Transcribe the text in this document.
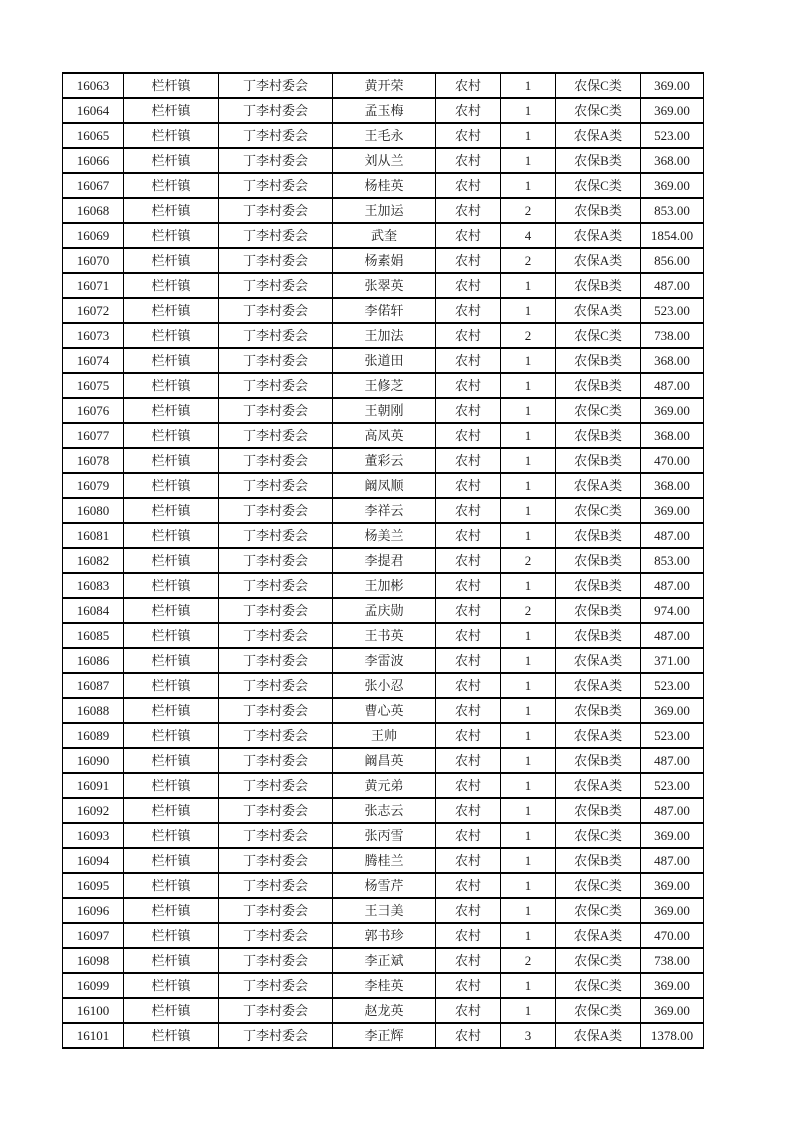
16063	栏杆镇	丁李村委会	黄开荣	农村	1	农保C类	369.00
16064	栏杆镇	丁李村委会	孟玉梅	农村	1	农保C类	369.00
16065	栏杆镇	丁李村委会	王毛永	农村	1	农保A类	523.00
16066	栏杆镇	丁李村委会	刘从兰	农村	1	农保B类	368.00
16067	栏杆镇	丁李村委会	杨桂英	农村	1	农保C类	369.00
16068	栏杆镇	丁李村委会	王加运	农村	2	农保B类	853.00
16069	栏杆镇	丁李村委会	武奎	农村	4	农保A类	1854.00
16070	栏杆镇	丁李村委会	杨素娟	农村	2	农保A类	856.00
16071	栏杆镇	丁李村委会	张翠英	农村	1	农保B类	487.00
16072	栏杆镇	丁李村委会	李偌轩	农村	1	农保A类	523.00
16073	栏杆镇	丁李村委会	王加法	农村	2	农保C类	738.00
16074	栏杆镇	丁李村委会	张道田	农村	1	农保B类	368.00
16075	栏杆镇	丁李村委会	王修芝	农村	1	农保B类	487.00
16076	栏杆镇	丁李村委会	王朝刚	农村	1	农保C类	369.00
16077	栏杆镇	丁李村委会	高凤英	农村	1	农保B类	368.00
16078	栏杆镇	丁李村委会	董彩云	农村	1	农保B类	470.00
16079	栏杆镇	丁李村委会	阚凤顺	农村	1	农保A类	368.00
16080	栏杆镇	丁李村委会	李祥云	农村	1	农保C类	369.00
16081	栏杆镇	丁李村委会	杨美兰	农村	1	农保B类	487.00
16082	栏杆镇	丁李村委会	李提君	农村	2	农保B类	853.00
16083	栏杆镇	丁李村委会	王加彬	农村	1	农保B类	487.00
16084	栏杆镇	丁李村委会	孟庆勋	农村	2	农保B类	974.00
16085	栏杆镇	丁李村委会	王书英	农村	1	农保B类	487.00
16086	栏杆镇	丁李村委会	李雷波	农村	1	农保A类	371.00
16087	栏杆镇	丁李村委会	张小忍	农村	1	农保A类	523.00
16088	栏杆镇	丁李村委会	曹心英	农村	1	农保B类	369.00
16089	栏杆镇	丁李村委会	王帅	农村	1	农保A类	523.00
16090	栏杆镇	丁李村委会	阚昌英	农村	1	农保B类	487.00
16091	栏杆镇	丁李村委会	黄元弟	农村	1	农保A类	523.00
16092	栏杆镇	丁李村委会	张志云	农村	1	农保B类	487.00
16093	栏杆镇	丁李村委会	张丙雪	农村	1	农保C类	369.00
16094	栏杆镇	丁李村委会	腾桂兰	农村	1	农保B类	487.00
16095	栏杆镇	丁李村委会	杨雪芹	农村	1	农保C类	369.00
16096	栏杆镇	丁李村委会	王彐美	农村	1	农保C类	369.00
16097	栏杆镇	丁李村委会	郭书珍	农村	1	农保A类	470.00
16098	栏杆镇	丁李村委会	李正斌	农村	2	农保C类	738.00
16099	栏杆镇	丁李村委会	李桂英	农村	1	农保C类	369.00
16100	栏杆镇	丁李村委会	赵龙英	农村	1	农保C类	369.00
16101	栏杆镇	丁李村委会	李正辉	农村	3	农保A类	1378.00
